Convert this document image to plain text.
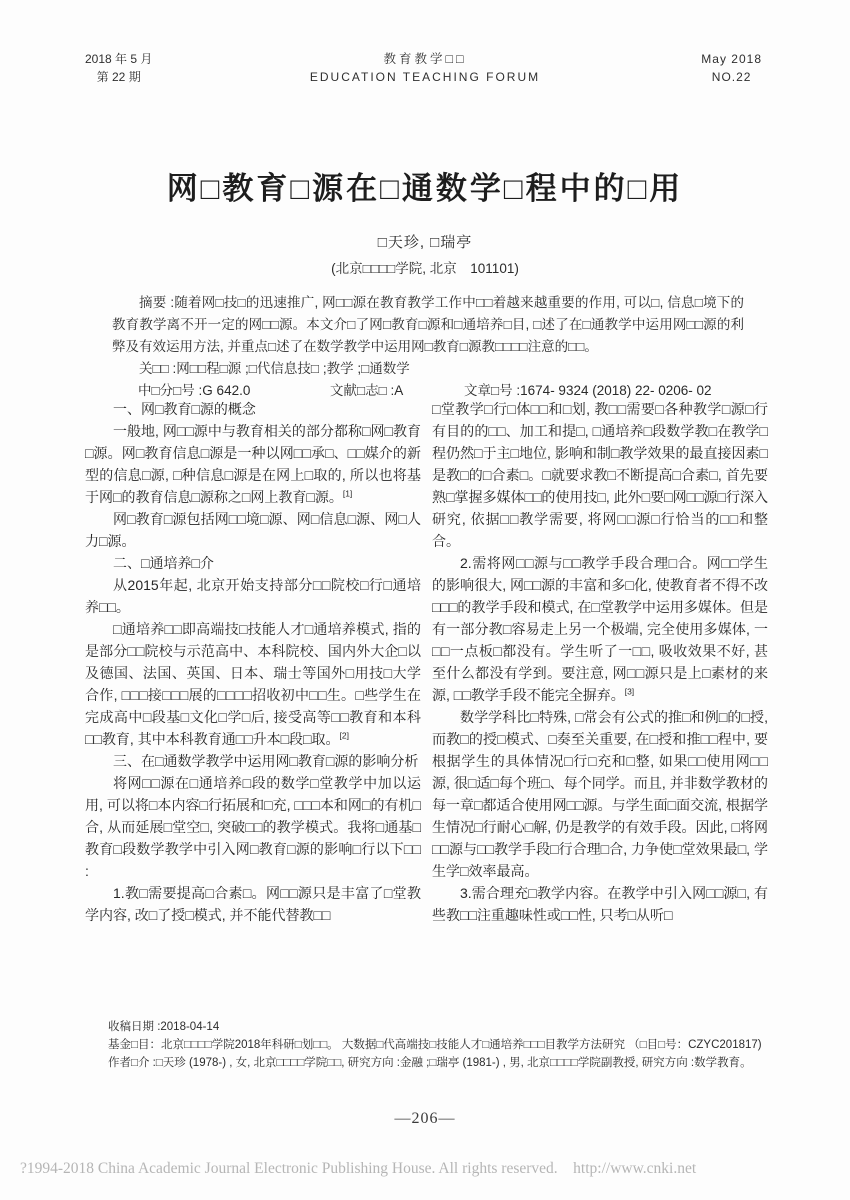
2018 年 5 月
第 22 期
教育教学□□
EDUCATION TEACHING FORUM
May 2018
NO.22
网□教育□源在□通数学□程中的□用
□天珍, □瑞亭
(北京□□□□学院, 北京　101101)
摘要 :随着网□技□的迅速推广, 网□□源在教育教学工作中□□着越来越重要的作用, 可以□, 信息□境下的教育教学离不开一定的网□□源。本文介□了网□教育□源和□通培养□目, □述了在□通教学中运用网□□源的利弊及有效运用方法, 并重点□述了在数学教学中运用网□教育□源教□□□□注意的□□。
关□□ :网□□程□源 ;□代信息技□ ;教学 ;□通数学
中□分□号 :G 642.0	文献□志□ :A	文章□号 :1674- 9324 (2018) 22- 0206- 02

一、网□教育□源的概念

一般地, 网□□源中与教育相关的部分都称□网□教育□源。网□教育信息□源是一种以网□□承□、□□媒介的新型的信息□源, □种信息□源是在网上□取的, 所以也将基于网□的教育信息□源称之□网上教育□源。[1]

网□教育□源包括网□□境□源、网□信息□源、网□人力□源。

二、□通培养□介

从2015年起, 北京开始支持部分□□院校□行□通培养□□。

□通培养□□即高端技□技能人才□通培养模式, 指的是部分□□院校与示范高中、本科院校、国内外大企□以及德国、法国、英国、日本、瑞士等国外□用技□大学合作, □□□接□□□展的□□□□招收初中□□生。□些学生在完成高中□段基□文化□学□后, 接受高等□□教育和本科□□教育, 其中本科教育通□□升本□段□取。[2]

三、在□通数学教学中运用网□教育□源的影响分析

将网□□源在□通培养□段的数学□堂教学中加以运用, 可以将□本内容□行拓展和□充, □□□本和网□的有机□合, 从而延展□堂空□, 突破□□的教学模式。我将□通基□教育□段数学教学中引入网□教育□源的影响□行以下□□ :

1.教□需要提高□合素□。网□□源只是丰富了□堂教学内容, 改□了授□模式, 并不能代替教□□

□堂教学□行□体□□和□划, 教□□需要□各种教学□源□行有目的的□□、加工和提□, □通培养□段数学教□在教学□程仍然□于主□地位, 影响和制□教学效果的最直接因素□是教□的□合素□。□就要求教□不断提高□合素□, 首先要熟□掌握多媒体□□的使用技□, 此外□要□网□□源□行深入研究, 依据□□教学需要, 将网□□源□行恰当的□□和整合。

2.需将网□□源与□□教学手段合理□合。网□□学生的影响很大, 网□□源的丰富和多□化, 使教育者不得不改□□□的教学手段和模式, 在□堂教学中运用多媒体。但是有一部分教□容易走上另一个极端, 完全使用多媒体, 一□□一点板□都没有。学生听了一□□, 吸收效果不好, 甚至什么都没有学到。要注意, 网□□源只是上□素材的来源, □□教学手段不能完全摒弃。[3]

数学学科比□特殊, □常会有公式的推□和例□的□授, 而教□的授□模式、□奏至关重要, 在□授和推□□程中, 要根据学生的具体情况□行□充和□整, 如果□□使用网□□源, 很□适□每个班□、每个同学。而且, 并非数学教材的每一章□都适合使用网□□源。与学生面□面交流, 根据学生情况□行耐心□解, 仍是教学的有效手段。因此, □将网□□源与□□教学手段□行合理□合, 力争使□堂效果最□, 学生学□效率最高。

3.需合理充□教学内容。在教学中引入网□□源□, 有些教□□注重趣味性或□□性, 只考□从听□

收稿日期 :2018-04-14

基金□目：北京□□□□学院2018年科研□划□□。 大数据□代高端技□技能人才□通培养□□□目教学方法研究 （□目□号：CZYC201817)

作者□介 :□天珍 (1978-) , 女, 北京□□□□学院□□, 研究方向 :金融 ;□瑞亭 (1981-) , 男, 北京□□□□学院副教授, 研究方向 :数学教育。

—206—
?1994-2018 China Academic Journal Electronic Publishing House. All rights reserved.    http://www.cnki.net
